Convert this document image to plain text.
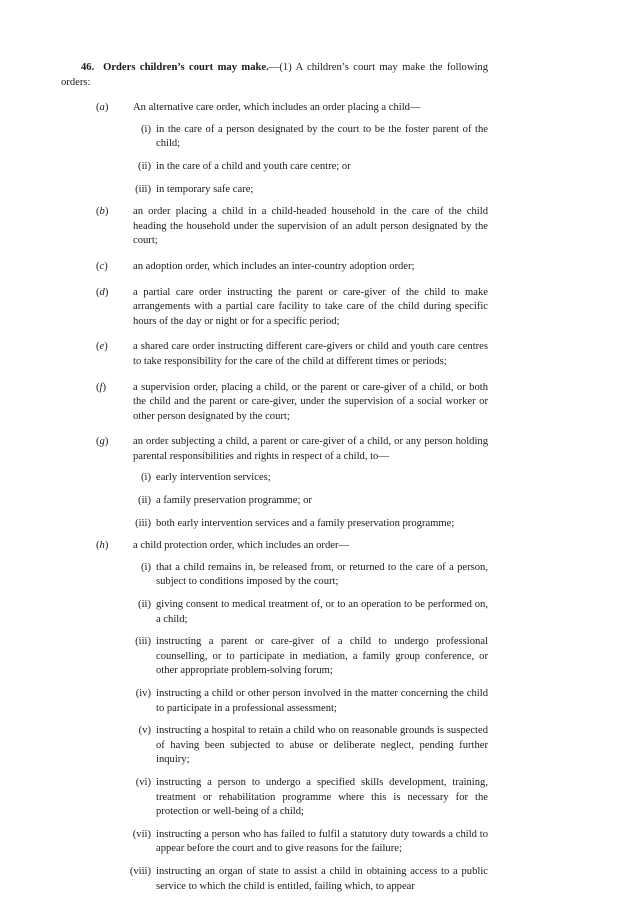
46. Orders children’s court may make.—(1) A children’s court may make the following orders:

(a) An alternative care order, which includes an order placing a child—
(i) in the care of a person designated by the court to be the foster parent of the child;
(ii) in the care of a child and youth care centre; or
(iii) in temporary safe care;
(b) an order placing a child in a child-headed household in the care of the child heading the household under the supervision of an adult person designated by the court;
(c) an adoption order, which includes an inter-country adoption order;
(d) a partial care order instructing the parent or care-giver of the child to make arrangements with a partial care facility to take care of the child during specific hours of the day or night or for a specific period;
(e) a shared care order instructing different care-givers or child and youth care centres to take responsibility for the care of the child at different times or periods;
(f)	a supervision order, placing a child, or the parent or care-giver of a child, or both the child and the parent or care-giver, under the supervision of a social worker or other person designated by the court;
(g) an order subjecting a child, a parent or care-giver of a child, or any person holding parental responsibilities and rights in respect of a child, to—
(i) early intervention services;
(ii) a family preservation programme; or
(iii) both early intervention services and a family preservation programme;
(h) a child protection order, which includes an order—
(i) that a child remains in, be released from, or returned to the care of a person, subject to conditions imposed by the court;
(ii) giving consent to medical treatment of, or to an operation to be performed on, a child;
(iii) instructing a parent or care-giver of a child to undergo professional counselling, or to participate in mediation, a family group conference, or other appropriate problem-solving forum;
(iv) instructing a child or other person involved in the matter concerning the child to participate in a professional assessment;
(v) instructing a hospital to retain a child who on reasonable grounds is suspected of having been subjected to abuse or deliberate neglect, pending further inquiry;
(vi) instructing a person to undergo a specified skills development, training, treatment or rehabilitation programme where this is necessary for the protection or well-being of a child;
(vii) instructing a person who has failed to fulfil a statutory duty towards a child to appear before the court and to give reasons for the failure;
(viii) instructing an organ of state to assist a child in obtaining access to a public service to which the child is entitled, failing which, to appear
